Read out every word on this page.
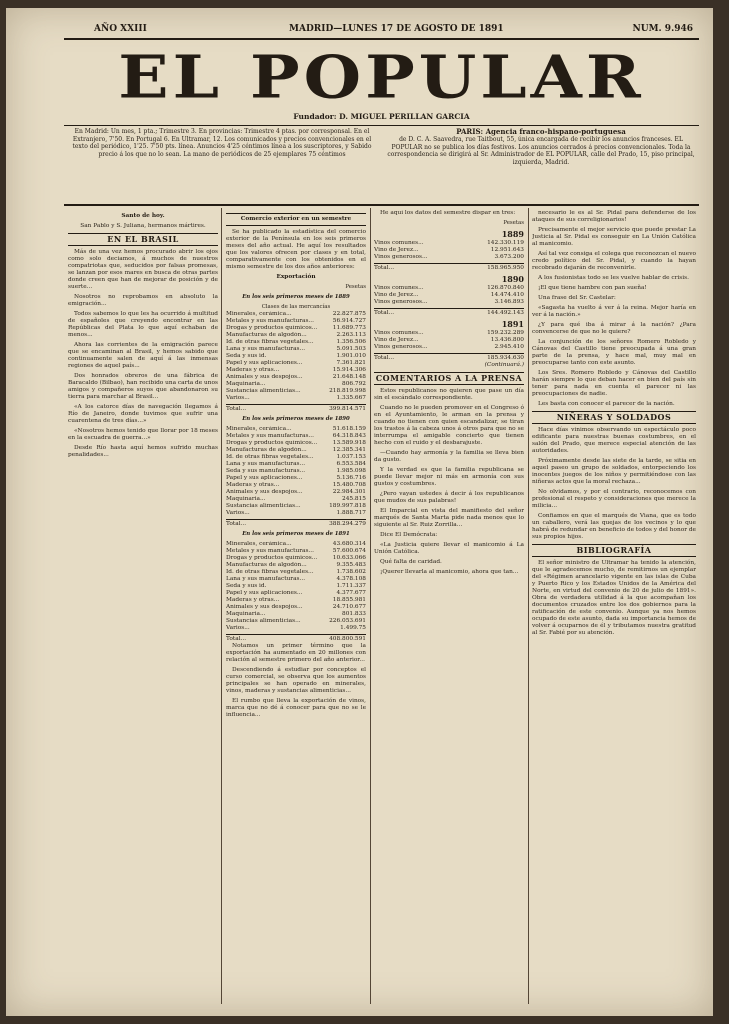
AÑO XXIII	MADRID—LUNES 17 DE AGOSTO DE 1891	NUM. 9.946
EL POPULAR
Fundador: D. MIGUEL PERILLAN GARCIA
En Madrid: Un mes, 1 pta.; Trimestre 3. En provincias: Trimestre 4 ptas. por corresponsal. En el Extranjero, 7'50. En Portugal 6. En Ultramar, 12. Los comunicados y precios convencionales en el texto del periódico, 1'25. 7'50 pts. línea. Anuncios 4'25 céntimos línea a los suscriptores, y Sabido precio á los que no lo sean. La mano de periódicos de 25 ejemplares 75 céntimos
PARIS: Agencia franco-hispano-portuguesa
de D. C. A. Saavedra, rue Taitbout, 55, única encargada de recibir los anuncios franceses. EL POPULAR no se publica los días festivos. Los anuncios cerrados á precios convencionales. Toda la correspondencia se dirigirá al Sr. Administrador de EL POPULAR, calle del Prado, 15, piso principal, izquierda, Madrid.
Santo de hoy.
San Pablo y S. Juliana, hermanos mártires.
EN EL BRASIL

Más de una vez hemos procurado abrir los ojos como solo deciamos, á muchos de nuestros compatriotas que, seducidos por falsas promesas, se lanzan por esos mares en busca de otras partes donde creen que han de mejorar de posición y de suerte...

Nosotros no reprobamos en absoluto la emigración...

Todos sabemos lo que les ha ocurrido á multitud de españoles que creyendo encontrar en las Repúblicas del Plata lo que aquí echaban de menos...

Ahora las corrientes de la emigración parece que se encaminan al Brasil, y hemos sabido que continuamente salen de aquí á las inmensas regiones de aquel país...

Dos honrados obreros de una fábrica de Baracaldo (Bilbao), han recibido una carta de unos amigos y compañeros suyos que abandonaron su tierra para marchar al Brasil...

«A los catorce días de navegación llegamos á Río de Janeiro, donde tuvimos que sufrir una cuarentena de tres días...»

«Nosotros hemos tenido que llorar por 18 meses en la escuadra de guerra...»

Desde Río hasta aquí hemos sufrido muchas penalidades...

Comercio exterior en un semestre

Se ha publicado la estadística del comercio exterior de la Península en los seis primeros meses del año actual. He aquí los resultados que los valores ofrecen por clases y en total, comparativamente con los obtenidos en el mismo semestre de los dos años anteriores:

Exportación
Pesetas
En los seis primeros meses de 1889
Clases de las mercancías
Minerales, cerámica...	22.827.875
Metales y sus manufacturas...	56.914.727
Drogas y productos químicos...	11.689.773
Manufacturas de algodón...	2.263.113
Id. de otras fibras vegetales...	1.356.506
Lana y sus manufacturas...	5.091.503
Seda y sus id.	1.901.010
Papel y sus aplicaciones...	7.361.821
Maderas y otras...	15.914.306
Animales y sus despojos...	21.648.148
Maquinaria...	806.792
Sustancias alimenticias...	218.819.998
Varios...	1.335.667
Total...	399.814.571
En los seis primeros meses de 1890
Minerales, cerámica...	51.618.159
Metales y sus manufacturas...	64.318.843
Drogas y productos químicos...	13.589.918
Manufacturas de algodón...	12.385.341
Id. de otras fibras vegetales...	1.037.153
Lana y sus manufacturas...	6.553.584
Seda y sus manufacturas...	1.985.098
Papel y sus aplicaciones...	5.136.716
Maderas y otras...	15.480.708
Animales y sus despojos...	22.984.301
Maquinaria...	245.815
Sustancias alimenticias...	189.997.818
Varios...	1.888.717
Total...	388.294.279
En los seis primeros meses de 1891
Minerales, cerámica...	43.680.314
Metales y sus manufacturas...	57.600.674
Drogas y productos químicos...	10.633.066
Manufacturas de algodón...	9.355.483
Id. de otras fibras vegetales...	1.738.602
Lana y sus manufacturas...	4.378.108
Seda y sus id.	1.711.337
Papel y sus aplicaciones...	4.377.677
Maderas y otras...	18.855.981
Animales y sus despojos...	24.710.677
Maquinaria...	801.833
Sustancias alimenticias...	226.053.691
Varios...	1.499.75
Total...	408.800.591

Notamos un primer término que la exportación ha aumentado en 20 millones con relación al semestre primero del año anterior...

Descendiendo á estudiar por conceptos el curso comercial, se observa que los aumentos principales se han operado en minerales, vinos, maderas y sustancias alimenticias...

El rumbo que lleva la exportación de vinos, marca que no dé á conocer para que no se le influencia...

He aquí los datos del semestre dispar en tres:

Pesetas
1889
Vinos comunes...	142.330.119
Vino de Jerez...	12.951.643
Vinos generosos...	3.673.200
Total...	158.965.950
1890
Vinos comunes...	126.870.840
Vino de Jerez...	14.474.410
Vinos generosos...	3.146.893
Total...	144.492.143
1891
Vinos comunes...	159.232.289
Vino de Jerez...	13.436.800
Vinos generosos...	2.945.410
Total...	185.934.630
(Continuará.)
COMENTARIOS A LA PRENSA

Estos republicanos no quieren que pase un día sin el escándalo correspondiente.

Cuando no le pueden promover en el Congreso ó en el Ayuntamiento, le arman en la prensa y cuando no tienen con quien escandalizar, se tiran los trastos á la cabeza unos á otros para que no se interrumpa el amigable concierto que tienen hecho con el ruido y el desbarajuste.

—Cuando hay armonía y la familia se lleva bien da gusto.

Y la verdad es que la familia republicana se puede llevar mejor ni más en armonía con sus gustos y costumbres.

¿Pero vayan ustedes á decir á los republicanos que mudos de sus palabras!

El Imparcial en vista del manifiesto del señor marqués de Santa Marta pide nada menos que lo siguiente al Sr. Ruiz Zorrilla...

Dice El Demócrata:

«La Justicia quiere llevar el manicomio á La Unión Católica.

Qué falta de caridad.

¡Querer llevarla al manicomio, ahora que tan...

necesario le es al Sr. Pidal para defenderse de los ataques de sus correligionarios!

Precisamente el mejor servicio que puede prestar La Justicia al Sr. Pidal es conseguir en La Unión Católica al manicomio.

Así tal vez consiga el colega que reconozcan el nuevo credo político del Sr. Pidal, y cuando la hayan recobrado dejarán de reconvenirle.

A los fusionistas todo se les vuelve hablar de crisis.

¡El que tiene hambre con pan sueña!

Una frase del Sr. Castelar:

«Sagasta ha vuelto á ver á la reina. Mejor haría en ver á la nación.»

¿Y para qué iba á mirar á la nación? ¿Para convencerse de que no le quiere?

La conjunción de los señores Romero Robledo y Cánovas del Castillo tiene preocupada á una gran parte de la prensa, y hace mal, muy mal en preocuparse tanto con este asunto.

Los Sres. Romero Robledo y Cánovas del Castillo harán siempre lo que deban hacer en bien del país sin tener para nada en cuenta el parecer ni las preocupaciones de nadie.

Les basta con conocer el parecer de la nación.

NIÑERAS Y SOLDADOS

Hace días vinimos observando un espectáculo poco edificante para nuestras buenas costumbres, en el salón del Prado, que merece especial atención de las autoridades.

Próximamente desde las siete de la tarde, se sitia en aquel paseo un grupo de soldados, entorpeciendo los inocentes juegos de los niños y permitiéndose con las niñeras actos que la moral rechaza...

No olvidamos, y por el contrario, reconocemos con profesional el respeto y consideraciones que merece la milicia...

Confiamos en que el marqués de Viana, que es todo un caballero, verá las quejas de los vecinos y lo que habrá de redundar en beneficio de todos y del honor de sus propios hijos.

BIBLIOGRAFÍA

El señor ministro de Ultramar ha tenido la atención, que le agradecemos mucho, de remitirnos un ejemplar del «Régimen arancelario vigente en las islas de Cuba y Puerto Rico y los Estados Unidos de la América del Norte, en virtud del convenio de 20 de julio de 1891». Obra de verdadera utilidad á la que acompañan los documentos cruzados entre los dos gobiernos para la ratificación de este convenio. Aunque ya nos hemos ocupado de este asunto, dada su importancia hemos de volver á ocuparnos de él y tributamos nuestra gratitud al Sr. Fabié por su atención.
